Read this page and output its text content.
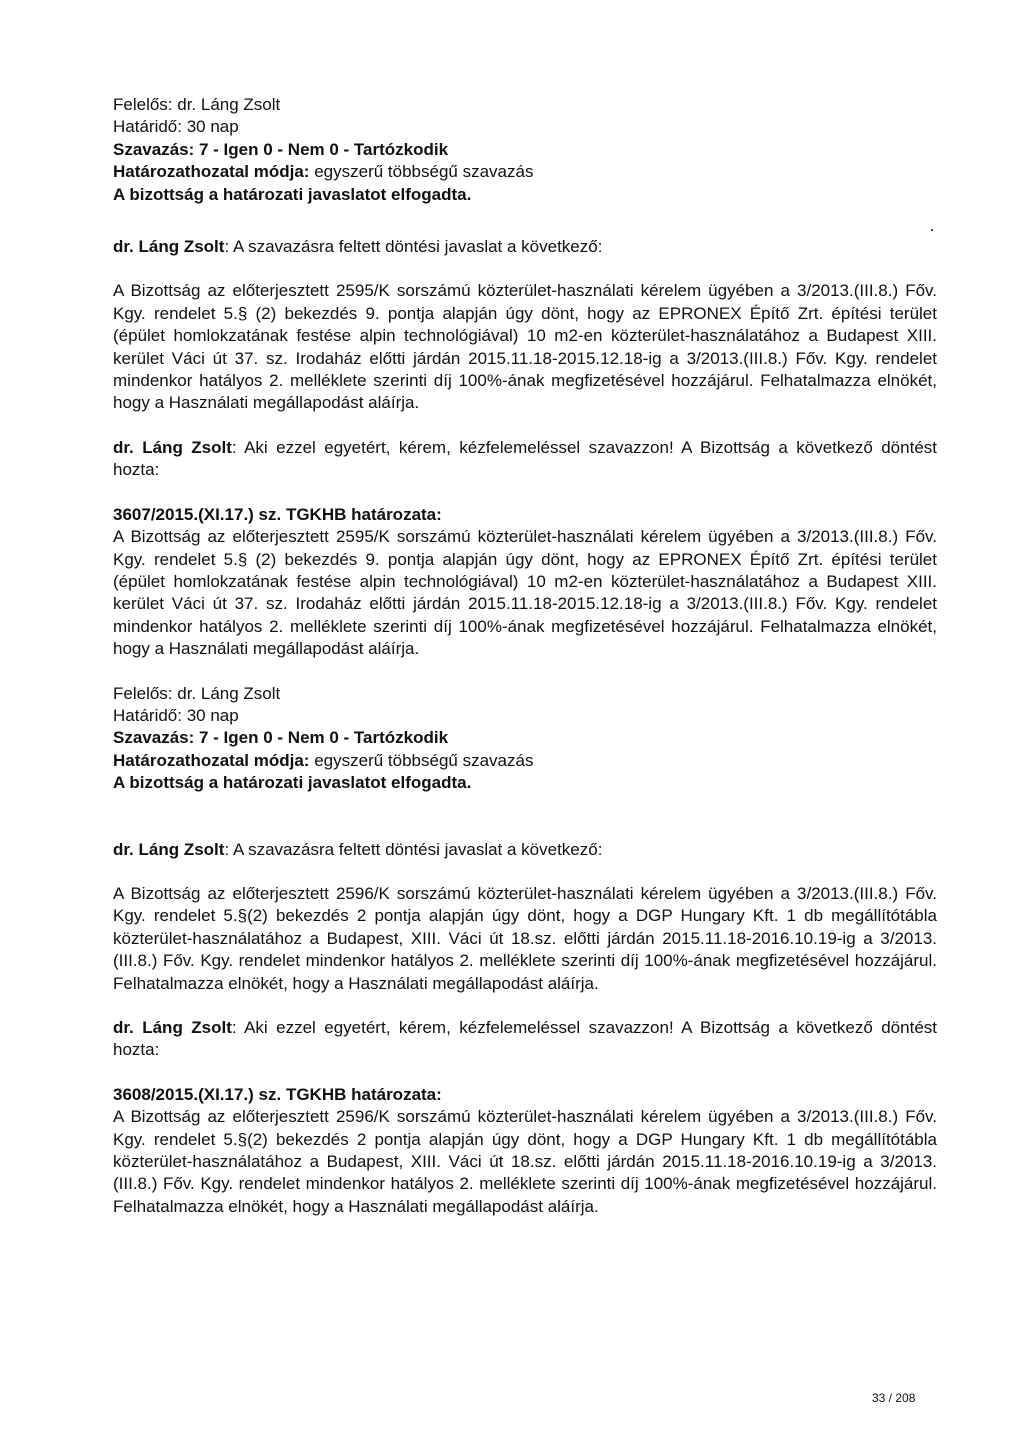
Felelős: dr. Láng Zsolt
Határidő: 30 nap
Szavazás: 7 - Igen 0 - Nem 0 - Tartózkodik
Határozathozatal módja: egyszerű többségű szavazás
A bizottság a határozati javaslatot elfogadta.
dr. Láng Zsolt: A szavazásra feltett döntési javaslat a következő:
A Bizottság az előterjesztett 2595/K sorszámú közterület-használati kérelem ügyében a 3/2013.(III.8.) Főv. Kgy. rendelet 5.§ (2) bekezdés 9. pontja alapján úgy dönt, hogy az EPRONEX Építő Zrt. építési terület (épület homlokzatának festése alpin technológiával) 10 m2-en közterület-használatához a Budapest XIII. kerület Váci út 37. sz. Irodaház előtti járdán 2015.11.18-2015.12.18-ig a 3/2013.(III.8.) Főv. Kgy. rendelet mindenkor hatályos 2. melléklete szerinti díj 100%-ának megfizetésével hozzájárul. Felhatalmazza elnökét, hogy a Használati megállapodást aláírja.
dr. Láng Zsolt: Aki ezzel egyetért, kérem, kézfelemeléssel szavazzon! A Bizottság a következő döntést hozta:
3607/2015.(XI.17.) sz. TGKHB határozata:
A Bizottság az előterjesztett 2595/K sorszámú közterület-használati kérelem ügyében a 3/2013.(III.8.) Főv. Kgy. rendelet 5.§ (2) bekezdés 9. pontja alapján úgy dönt, hogy az EPRONEX Építő Zrt. építési terület (épület homlokzatának festése alpin technológiával) 10 m2-en közterület-használatához a Budapest XIII. kerület Váci út 37. sz. Irodaház előtti járdán 2015.11.18-2015.12.18-ig a 3/2013.(III.8.) Főv. Kgy. rendelet mindenkor hatályos 2. melléklete szerinti díj 100%-ának megfizetésével hozzájárul. Felhatalmazza elnökét, hogy a Használati megállapodást aláírja.
Felelős: dr. Láng Zsolt
Határidő: 30 nap
Szavazás: 7 - Igen 0 - Nem 0 - Tartózkodik
Határozathozatal módja: egyszerű többségű szavazás
A bizottság a határozati javaslatot elfogadta.
dr. Láng Zsolt: A szavazásra feltett döntési javaslat a következő:
A Bizottság az előterjesztett 2596/K sorszámú közterület-használati kérelem ügyében a 3/2013.(III.8.) Főv. Kgy. rendelet 5.§(2) bekezdés 2 pontja alapján úgy dönt, hogy a DGP Hungary Kft. 1 db megállítótábla közterület-használatához a Budapest, XIII. Váci út 18.sz. előtti járdán 2015.11.18-2016.10.19-ig a 3/2013.(III.8.) Főv. Kgy. rendelet mindenkor hatályos 2. melléklete szerinti díj 100%-ának megfizetésével hozzájárul. Felhatalmazza elnökét, hogy a Használati megállapodást aláírja.
dr. Láng Zsolt: Aki ezzel egyetért, kérem, kézfelemeléssel szavazzon! A Bizottság a következő döntést hozta:
3608/2015.(XI.17.) sz. TGKHB határozata:
A Bizottság az előterjesztett 2596/K sorszámú közterület-használati kérelem ügyében a 3/2013.(III.8.) Főv. Kgy. rendelet 5.§(2) bekezdés 2 pontja alapján úgy dönt, hogy a DGP Hungary Kft. 1 db megállítótábla közterület-használatához a Budapest, XIII. Váci út 18.sz. előtti járdán 2015.11.18-2016.10.19-ig a 3/2013.(III.8.) Főv. Kgy. rendelet mindenkor hatályos 2. melléklete szerinti díj 100%-ának megfizetésével hozzájárul. Felhatalmazza elnökét, hogy a Használati megállapodást aláírja.
33 / 208
